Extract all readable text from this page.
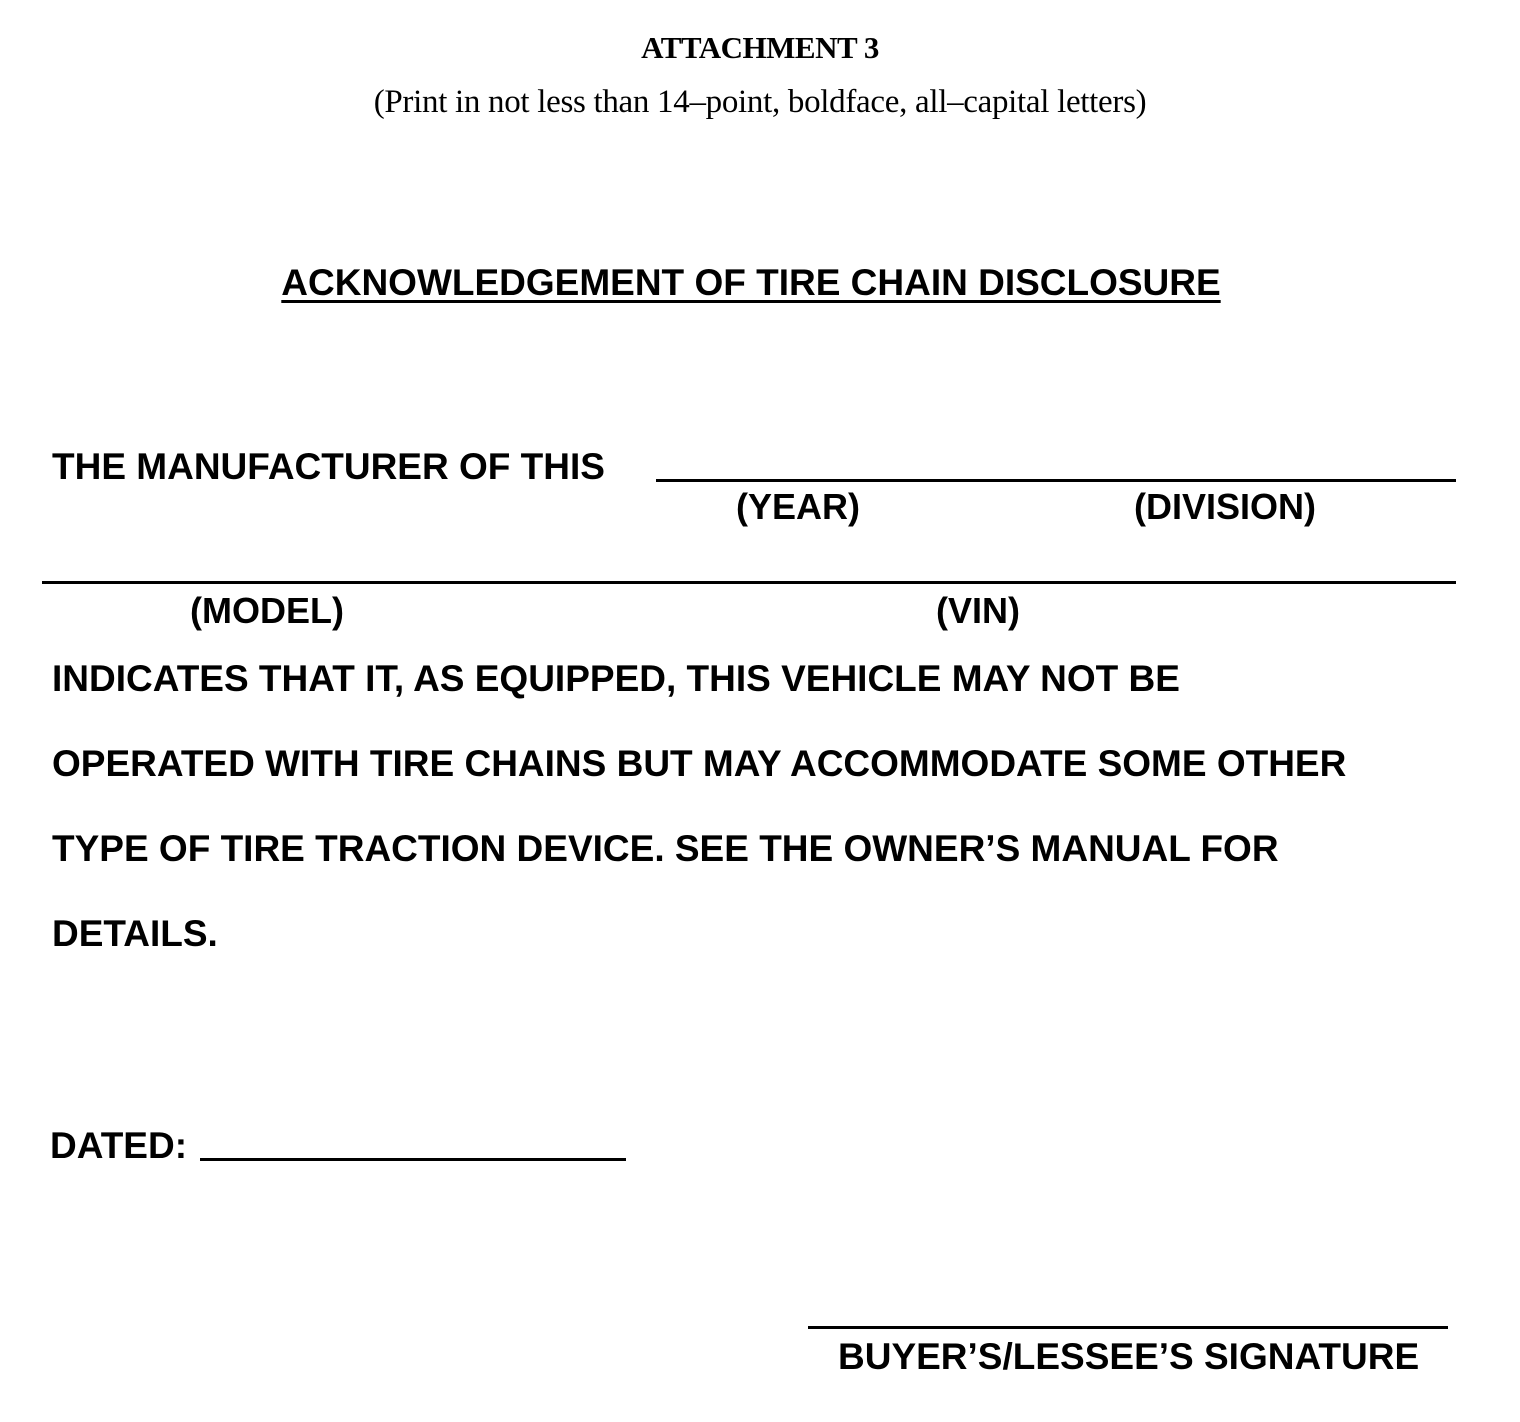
ATTACHMENT 3
(Print in not less than 14–point, boldface, all–capital letters)
ACKNOWLEDGEMENT OF TIRE CHAIN DISCLOSURE
THE MANUFACTURER OF THIS
(YEAR)	(DIVISION)
(MODEL)	(VIN)
INDICATES THAT IT, AS EQUIPPED, THIS VEHICLE MAY NOT BE
OPERATED WITH TIRE CHAINS BUT MAY ACCOMMODATE SOME OTHER
TYPE OF TIRE TRACTION DEVICE. SEE THE OWNER’S MANUAL FOR
DETAILS.
DATED:
BUYER’S/LESSEE’S SIGNATURE
